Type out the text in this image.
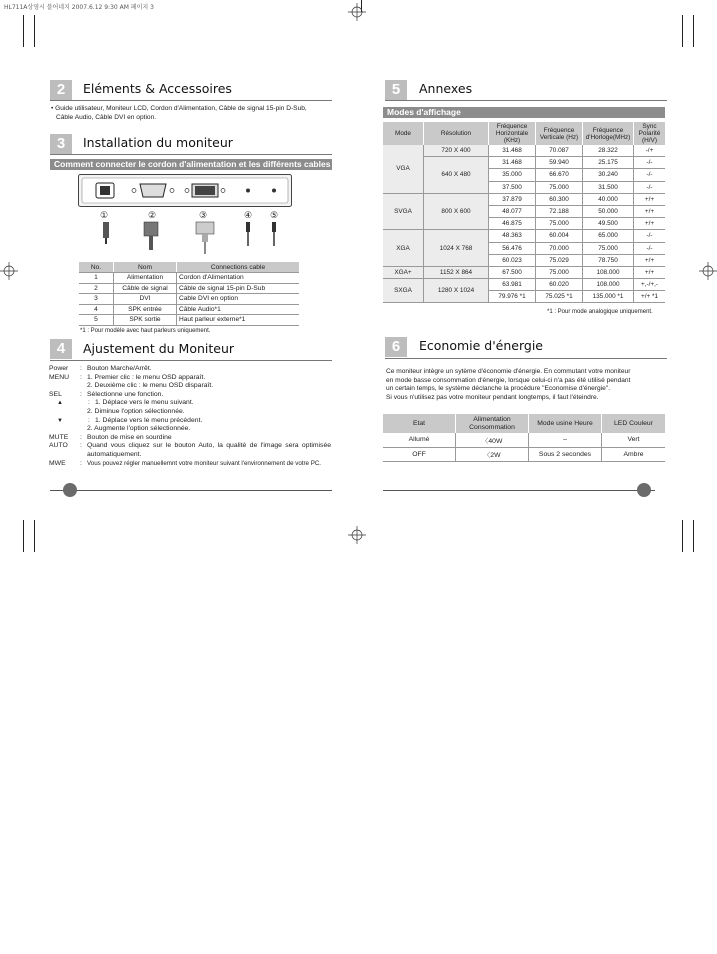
HL711A상영시 블어네지 2007.6.12 9:30 AM 페이지 3
2	Eléments & Accessoires
• Guide utilisateur, Moniteur LCD, Cordon d'Alimentation, Câble de signal 15-pin D-Sub,
Câble Audio, Câble DVI en option.
3	Installation du moniteur
Comment connecter le cordon d'alimentation et les différents cables ?
①	②	③	④ ⑤
No.	Nom	Connections cable
1	Alimentation	Cordon d'Alimentation
2	Câble de signal	Câble de signal 15-pin D-Sub
3	DVI	Cable DVI en option
4	SPK entrée	Câble Audio*1
5	SPK sortie	Haut parleur externe*1
*1 : Pour modèle avec haut parleurs uniquement.
4	Ajustement du Moniteur
Power	: Bouton Marche/Arrêt.
MENU	: 1. Premier clic : le menu OSD apparaît.
2. Deuxième clic : le menu OSD disparaît.
SEL	: Sélectionne une fonction.
▲	: 1. Déplace vers le menu suivant.
2. Diminue l'option sélectionnée.
▼	: 1. Déplace vers le menu précédent.
2. Augmente l'option sélectionnée.
MUTE	: Bouton de mise en sourdine
AUTO	: Quand vous cliquez sur le bouton Auto, la qualité de l'image sera optimisée automatiquement.
MWE	: Vous pouvez régler manuellemnt votre moniteur suivant l'environnement de votre PC.
5	Annexes
Modes d'affichage
Mode	Résolution	Fréquence Horizontale (KHz)	Fréquence Verticale (Hz)	Fréquence d'Horloge(MHz)	Sync Polarité (H/V)
VGA	720 X 400	31.468	70.087	28.322	-/+
	640 X 480	31.468	59.940	25.175	-/-
		35.000	66.670	30.240	-/-
		37.500	75.000	31.500	-/-
SVGA	800 X 600	37.879	60.300	40.000	+/+
		48.077	72.188	50.000	+/+
		46.875	75.000	49.500	+/+
XGA	1024 X 768	48.363	60.004	65.000	-/-
		56.476	70.000	75.000	-/-
		60.023	75.029	78.750	+/+
XGA+	1152 X 864	67.500	75.000	108.000	+/+
SXGA	1280 X 1024	63.981	60.020	108.000	+,-/+,-
		79.976 *1	75.025 *1	135.000 *1	+/+ *1
*1 : Pour mode analogique uniquement.
6	Economie d'énergie
Ce moniteur intègre un sytème d'économie d'énergie. En commutant votre moniteur
en mode basse consommation d'énergie, lorsque celui-ci n'a pas été utilisé pendant
un certain temps, le système déclanche la procédure "Economise d'énergie".
Si vous n'utilisez pas votre moniteur pendant longtemps, il faut l'éteindre.
Etat	Alimentation Consommation	Mode usine Heure	LED Couleur
Allumé	〈40W	–	Vert
OFF	〈2W	Sous 2 secondes	Ambre
